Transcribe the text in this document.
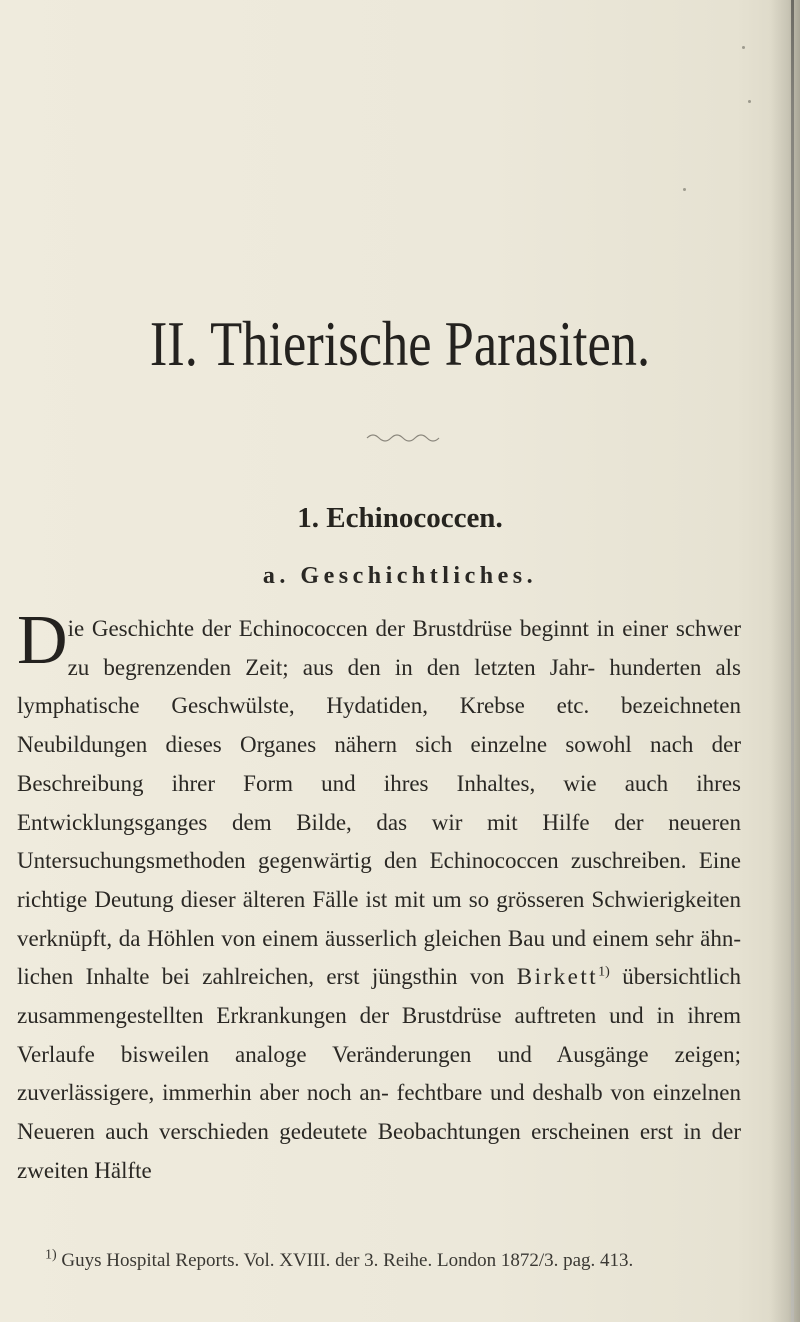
II. Thierische Parasiten.
1. Echinococcen.
a. Geschichtliches.

Die Geschichte der Echinococcen der Brustdrüse beginnt in einer schwer zu begrenzenden Zeit; aus den in den letzten Jahr- hunderten als lymphatische Geschwülste, Hydatiden, Krebse etc. bezeichneten Neubildungen dieses Organes nähern sich einzelne sowohl nach der Beschreibung ihrer Form und ihres Inhaltes, wie auch ihres Entwicklungsganges dem Bilde, das wir mit Hilfe der neueren Untersuchungsmethoden gegenwärtig den Echinococcen zuschreiben. Eine richtige Deutung dieser älteren Fälle ist mit um so grösseren Schwierigkeiten verknüpft, da Höhlen von einem äusserlich gleichen Bau und einem sehr ähn- lichen Inhalte bei zahlreichen, erst jüngsthin von Birkett$^{1)}$ übersichtlich zusammengestellten Erkrankungen der Brustdrüse auftreten und in ihrem Verlaufe bisweilen analoge Veränderungen und Ausgänge zeigen; zuverlässigere, immerhin aber noch an- fechtbare und deshalb von einzelnen Neueren auch verschieden gedeutete Beobachtungen erscheinen erst in der zweiten Hälfte

$^{1)}$ Guys Hospital Reports. Vol. XVIII. der 3. Reihe. London 1872/3. pag. 413.
